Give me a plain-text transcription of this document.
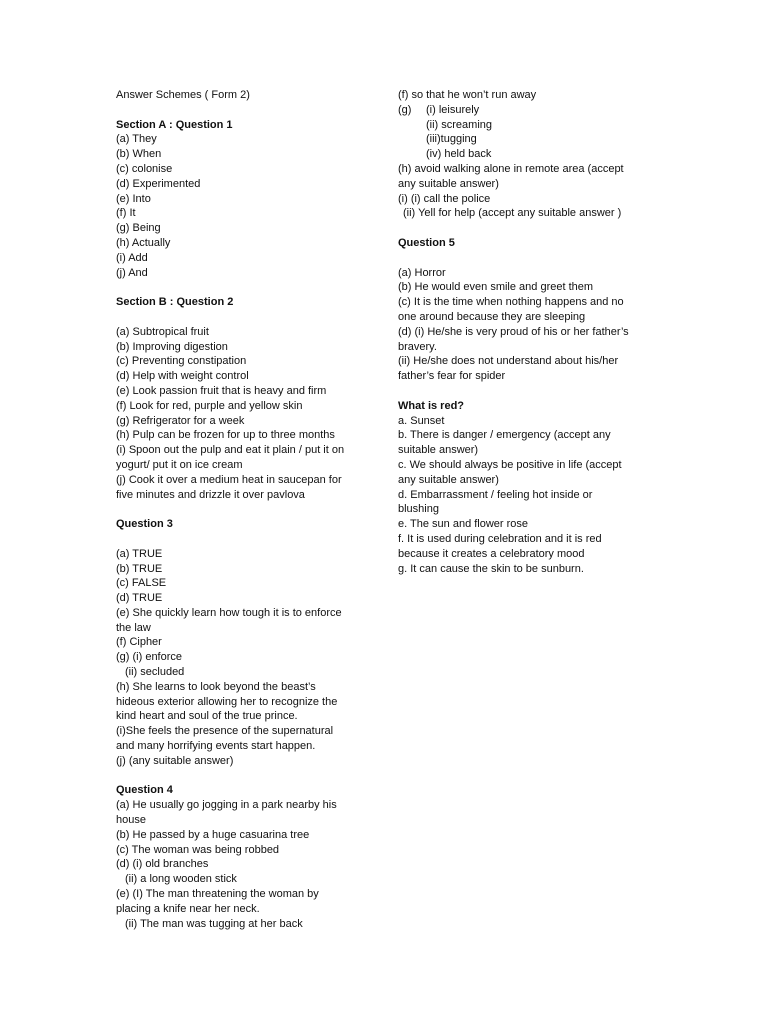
Answer Schemes ( Form 2)
Section A : Question 1
(a) They
(b) When
(c) colonise
(d) Experimented
(e) Into
(f) It
(g) Being
(h) Actually
(i) Add
(j) And
Section B : Question 2
(a) Subtropical fruit
(b) Improving digestion
(c) Preventing constipation
(d) Help with weight control
(e) Look passion fruit that is heavy and firm
(f) Look for red, purple and yellow skin
(g) Refrigerator for a week
(h) Pulp can be frozen for up to three months
(i) Spoon out the pulp and eat it plain / put it on
yogurt/ put it on ice cream
(j) Cook it over a medium heat in saucepan for
five minutes and drizzle it over pavlova
Question 3
(a) TRUE
(b) TRUE
(c) FALSE
(d) TRUE
(e) She quickly learn how tough it is to enforce
the law
(f) Cipher
(g) (i) enforce
(ii) secluded
(h) She learns to look beyond the beast’s
hideous exterior allowing her to recognize the
kind heart and soul of the true prince.
(i)She feels the presence of the supernatural
and many horrifying events start happen.
(j) (any suitable answer)
Question 4
(a) He usually go jogging in a park nearby his
house
(b) He passed by a huge casuarina tree
(c) The woman was being robbed
(d) (i) old branches
(ii) a long wooden stick
(e) (I) The man threatening the woman by
placing a knife near her neck.
(ii) The man was tugging at her back
(f) so that he won’t run away
(g)	(i) leisurely
(ii) screaming
(iii)tugging
(iv) held back
(h) avoid walking alone in remote area (accept
any suitable answer)
(i) (i) call the police
(ii) Yell for help (accept any suitable answer )
Question 5
(a) Horror
(b) He would even smile and greet them
(c) It is the time when nothing happens and no
one around because they are sleeping
(d) (i) He/she is very proud of his or her father’s
bravery.
(ii) He/she does not understand about his/her
father’s fear for spider
What is red?
a. Sunset
b. There is danger / emergency (accept any
suitable answer)
c. We should always be positive in life (accept
any suitable answer)
d. Embarrassment / feeling hot inside or
blushing
e. The sun and flower rose
f. It is used during celebration and it is red
because it creates a celebratory mood
g. It can cause the skin to be sunburn.
